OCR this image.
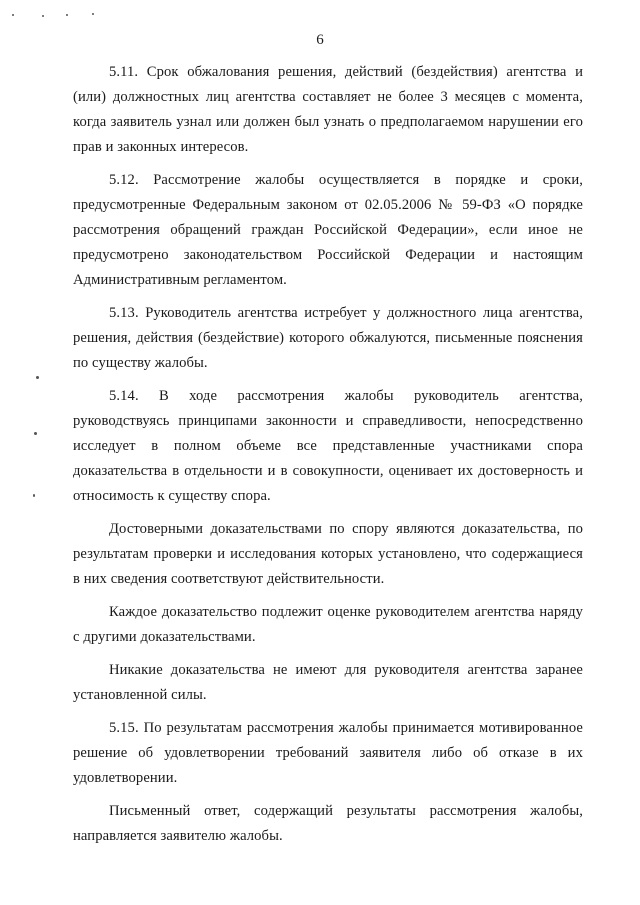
6

5.11. Срок обжалования решения, действий (бездействия) агентства и (или) должностных лиц агентства составляет не более 3 месяцев с момента, когда заявитель узнал или должен был узнать о предполагаемом нарушении его прав и законных интересов.

5.12. Рассмотрение жалобы осуществляется в порядке и сроки, предусмотренные Федеральным законом от 02.05.2006 № 59-ФЗ «О порядке рассмотрения обращений граждан Российской Федерации», если иное не предусмотрено законодательством Российской Федерации и настоящим Административным регламентом.

5.13. Руководитель агентства истребует у должностного лица агентства, решения, действия (бездействие) которого обжалуются, письменные пояснения по существу жалобы.

5.14. В ходе рассмотрения жалобы руководитель агентства, руководствуясь принципами законности и справедливости, непосредственно исследует в полном объеме все представленные участниками спора доказательства в отдельности и в совокупности, оценивает их достоверность и относимость к существу спора.

Достоверными доказательствами по спору являются доказательства, по результатам проверки и исследования которых установлено, что содержащиеся в них сведения соответствуют действительности.

Каждое доказательство подлежит оценке руководителем агентства наряду с другими доказательствами.

Никакие доказательства не имеют для руководителя агентства заранее установленной силы.

5.15. По результатам рассмотрения жалобы принимается мотивированное решение об удовлетворении требований заявителя либо об отказе в их удовлетворении.

Письменный ответ, содержащий результаты рассмотрения жалобы, направляется заявителю жалобы.
